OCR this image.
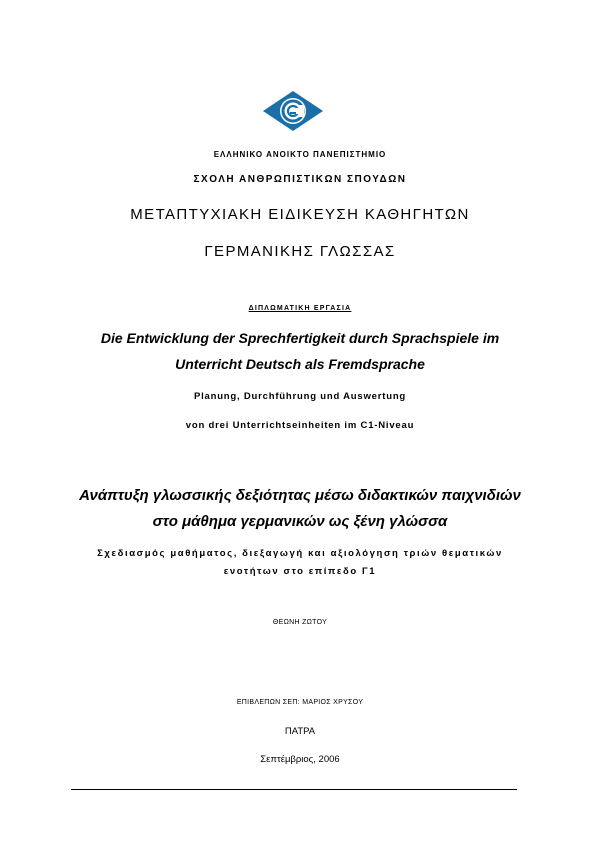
ΕΛΛΗΝΙΚΟ ΑΝΟΙΚΤΟ ΠΑΝΕΠΙΣΤΗΜΙΟ
ΣΧΟΛΗ ΑΝΘΡΩΠΙΣΤΙΚΩΝ ΣΠΟΥΔΩΝ
ΜΕΤΑΠΤΥΧΙΑΚΗ ΕΙΔΙΚΕΥΣΗ ΚΑΘΗΓΗΤΩΝ
ΓΕΡΜΑΝΙΚΗΣ ΓΛΩΣΣΑΣ
ΔΙΠΛΩΜΑΤΙΚΗ ΕΡΓΑΣΙΑ
Die Entwicklung der Sprechfertigkeit durch Sprachspiele im
Unterricht Deutsch als Fremdsprache
Planung, Durchführung und Auswertung
von drei Unterrichtseinheiten im C1-Niveau
Ανάπτυξη γλωσσικής δεξιότητας μέσω διδακτικών παιχνιδιών
στο μάθημα γερμανικών ως ξένη γλώσσα
Σχεδιασμός μαθήματος, διεξαγωγή και αξιολόγηση τριών θεματικών
ενοτήτων στο επίπεδο Γ1
ΘΕΩΝΗ ΖΩΤΟΥ
ΕΠΙΒΛΕΠΩΝ ΣΕΠ: ΜΑΡΙΟΣ ΧΡΥΣΟΥ
ΠΑΤΡΑ
Σεπτέμβριος, 2006
